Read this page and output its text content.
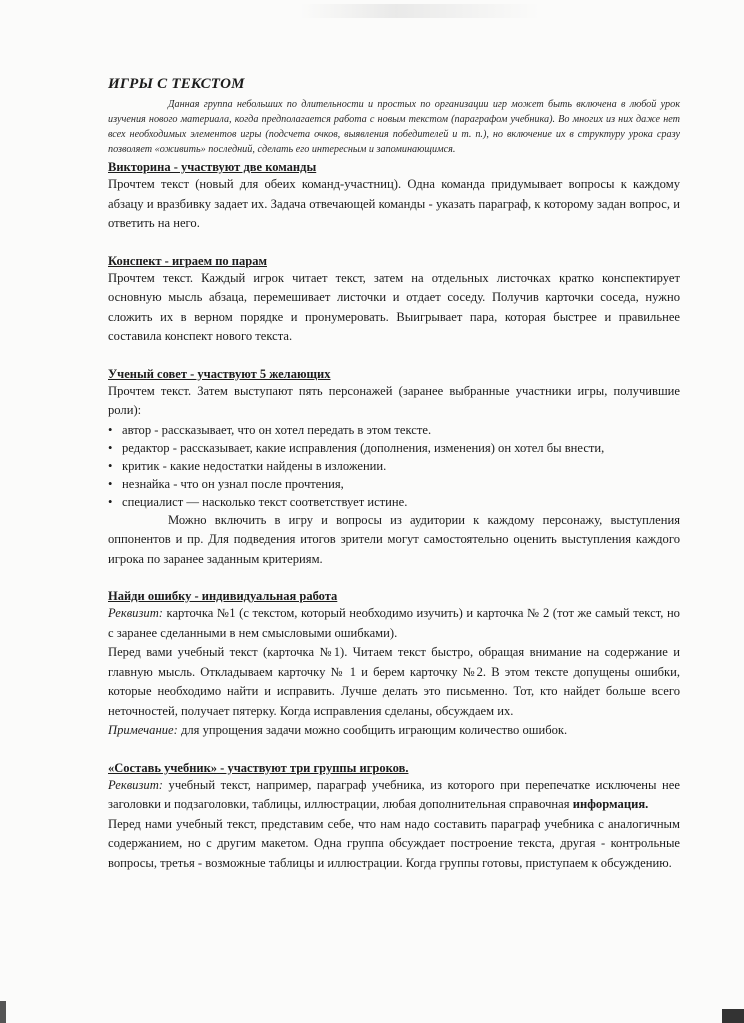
ИГРЫ С ТЕКСТОМ

Данная группа небольших по длительности и простых по организации игр может быть включена в любой урок изучения нового материала, когда предполагается работа с новым текстом (параграфом учебника). Во многих из них даже нет всех необходимых элементов игры (подсчета очков, выявления победителей и т. п.), но включение их в структуру урока сразу позволяет «оживить» последний, сделать его интересным и запоминающимся.

Викторина - участвуют две команды

Прочтем текст (новый для обеих команд-участниц). Одна команда придумывает вопросы к каждому абзацу и вразбивку задает их. Задача отвечающей команды - указать параграф, к которому задан вопрос, и ответить на него.

Конспект - играем по парам

Прочтем текст. Каждый игрок читает текст, затем на отдельных листочках кратко конспектирует основную мысль абзаца, перемешивает листочки и отдает соседу. Получив карточки соседа, нужно сложить их в верном порядке и пронумеровать. Выигрывает пара, которая быстрее и правильнее составила конспект нового текста.

Ученый совет - участвуют 5 желающих

Прочтем текст. Затем выступают пять персонажей (заранее выбранные участники игры, получившие роли):

• автор - рассказывает, что он хотел передать в этом тексте.
• редактор - рассказывает, какие исправления (дополнения, изменения) он хотел бы внести,
• критик - какие недостатки найдены в изложении.
• незнайка - что он узнал после прочтения,
• специалист — насколько текст соответствует истине.

Можно включить в игру и вопросы из аудитории к каждому персонажу, выступления оппонентов и пр. Для подведения итогов зрители могут самостоятельно оценить выступления каждого игрока по заранее заданным критериям.

Найди ошибку - индивидуальная работа

Реквизит: карточка №1 (с текстом, который необходимо изучить) и карточка № 2 (тот же самый текст, но с заранее сделанными в нем смысловыми ошибками).

Перед вами учебный текст (карточка №1). Читаем текст быстро, обращая внимание на содержание и главную мысль. Откладываем карточку № 1 и берем карточку №2. В этом тексте допущены ошибки, которые необходимо найти и исправить. Лучше делать это письменно. Тот, кто найдет больше всего неточностей, получает пятерку. Когда исправления сделаны, обсуждаем их.

Примечание: для упрощения задачи можно сообщить играющим количество ошибок.

«Составь учебник» - участвуют три группы игроков.

Реквизит: учебный текст, например, параграф учебника, из которого при перепечатке исключены нее заголовки и подзаголовки, таблицы, иллюстрации, любая дополнительная справочная информация.

Перед нами учебный текст, представим себе, что нам надо составить параграф учебника с аналогичным содержанием, но с другим макетом. Одна группа обсуждает построение текста, другая - контрольные вопросы, третья - возможные таблицы и иллюстрации. Когда группы готовы, приступаем к обсуждению.
